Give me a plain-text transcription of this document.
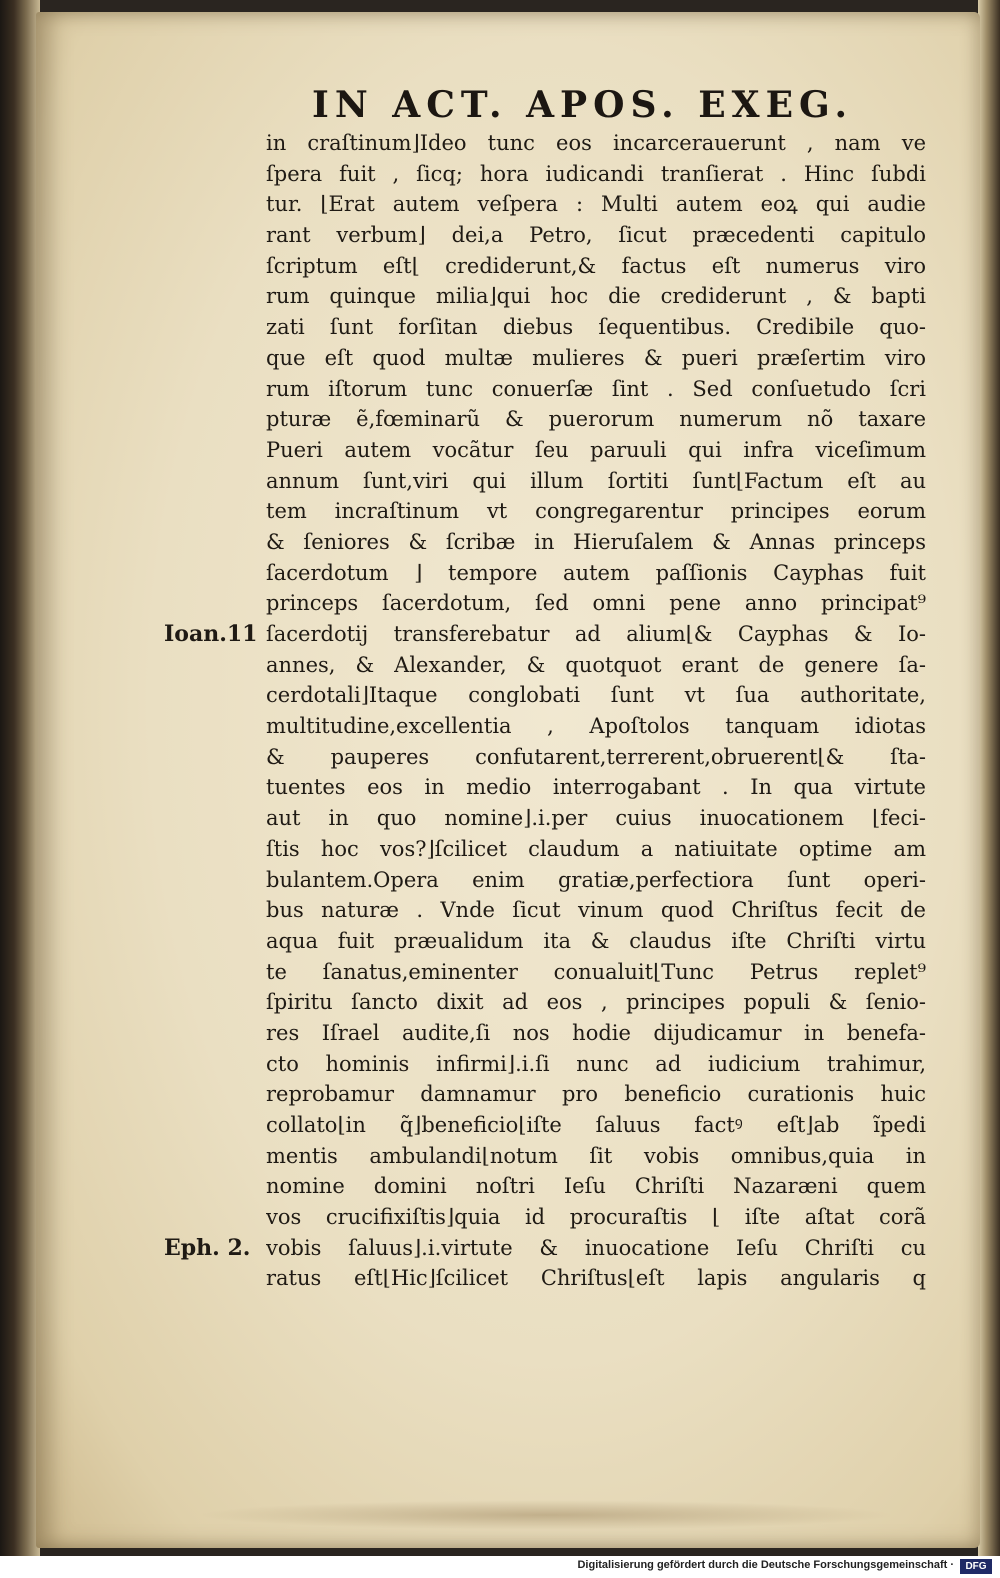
IN ACT. APOS. EXEG.
in craſtinum⌋Ideo tunc eos incarcerauerunt , nam ve
ſpera fuit , ſicq; hora iudicandi tranſierat . Hinc ſubdi
tur. ⌊Erat autem veſpera : Multi autem eoꝝ qui audie
rant verbum⌋ dei,a Petro, ſicut præcedenti capitulo
ſcriptum eſt⌊ crediderunt,& factus eſt numerus viro
rum quinque milia⌋qui hoc die crediderunt , & bapti
zati ſunt forſitan diebus ſequentibus. Credibile quo-
que eſt quod multæ mulieres & pueri præſertim viro
rum iſtorum tunc conuerſæ ſint . Sed conſuetudo ſcri
pturæ ẽ,fœminarũ & puerorum numerum nõ taxare
Pueri autem vocãtur ſeu paruuli qui infra viceſimum
annum ſunt,viri qui illum ſortiti ſunt⌊Factum eſt au
tem incraſtinum vt congregarentur principes eorum
& ſeniores & ſcribæ in Hieruſalem & Annas princeps
ſacerdotum ⌋ tempore autem paſſionis Cayphas fuit
princeps ſacerdotum, ſed omni pene anno principat⁹
ſacerdotij transferebatur ad alium⌊& Cayphas & Io-
annes, & Alexander, & quotquot erant de genere ſa-
cerdotali⌋Itaque conglobati ſunt vt ſua authoritate,
multitudine,excellentia , Apoſtolos tanquam idiotas
& pauperes confutarent,terrerent,obruerent⌊& ſta-
tuentes eos in medio interrogabant . In qua virtute
aut in quo nomine⌋.i.per cuius inuocationem ⌊feci-
ſtis hoc vos?⌋ſcilicet claudum a natiuitate optime am
bulantem.Opera enim gratiæ,perfectiora ſunt operi-
bus naturæ . Vnde ſicut vinum quod Chriſtus fecit de
aqua fuit præualidum ita & claudus iſte Chriſti virtu
te ſanatus,eminenter conualuit⌊Tunc Petrus replet⁹
ſpiritu ſancto dixit ad eos , principes populi & ſenio-
res Iſrael audite,ſi nos hodie dijudicamur in benefa-
cto hominis infirmi⌋.i.ſi nunc ad iudicium trahimur,
reprobamur damnamur pro beneficio curationis huic
collato⌊in q̃⌋beneficio⌊iſte ſaluus factꝰ eſt⌋ab ĩpedi
mentis ambulandi⌊notum ſit vobis omnibus,quia in
nomine domini noſtri Ieſu Chriſti Nazaræni quem
vos crucifixiſtis⌋quia id procuraſtis ⌊ iſte aſtat corã
vobis ſaluus⌋.i.virtute & inuocatione Ieſu Chriſti cu
ratus eſt⌊Hic⌋ſcilicet Chriſtus⌊eſt lapis angularis q
Ioan.11
Eph. 2.
Digitalisierung gefördert durch die Deutsche Forschungsgemeinschaft ·	DFG
